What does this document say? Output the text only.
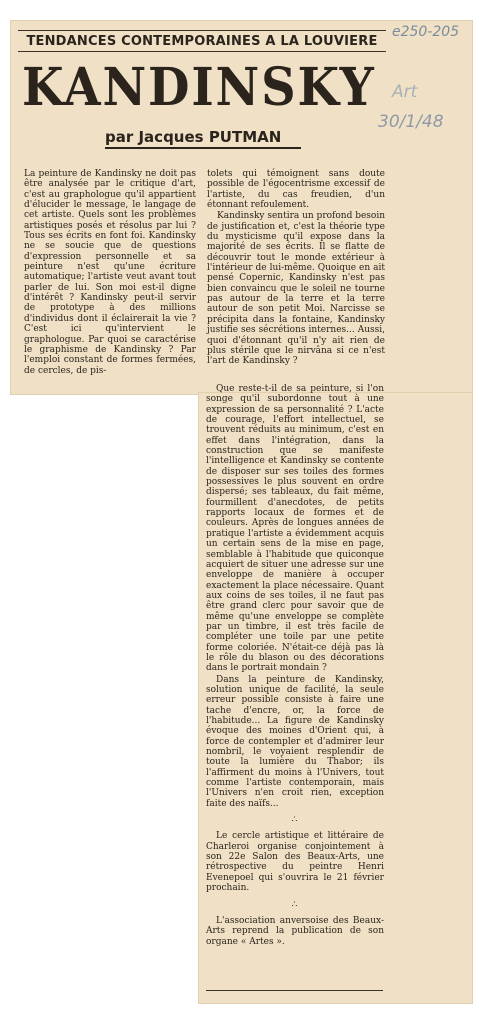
TENDANCES CONTEMPORAINES A LA LOUVIERE
KANDINSKY
par Jacques PUTMAN
e250-205
Art
30/1/48

La peinture de Kandinsky ne doit pas être analysée par le critique d'art, c'est au graphologue qu'il appartient d'élucider le message, le langage de cet artiste. Quels sont les problèmes artistiques posés et résolus par lui ? Tous ses écrits en font foi. Kandinsky ne se soucie que de questions d'expression personnelle et sa peinture n'est qu'une écriture automatique; l'artiste veut avant tout parler de lui. Son moi est-il digne d'intérêt ? Kandinsky peut-il servir de prototype à des millions d'individus dont il éclairerait la vie ? C'est ici qu'intervient le graphologue. Par quoi se caractérise le graphisme de Kandinsky ? Par l'emploi constant de formes fermées, de cercles, de pis-

tolets qui témoignent sans doute possible de l'égocentrisme excessif de l'artiste, du cas freudien, d'un étonnant refoulement.

Kandinsky sentira un profond besoin de justification et, c'est la théorie type du mysticisme qu'il expose dans la majorité de ses écrits. Il se flatte de découvrir tout le monde extérieur à l'intérieur de lui-même. Quoique en ait pensé Copernic, Kandinsky n'est pas bien convaincu que le soleil ne tourne pas autour de la terre et la terre autour de son petit Moi. Narcisse se précipita dans la fontaine, Kandinsky justifie ses sécrétions internes... Aussi, quoi d'étonnant qu'il n'y ait rien de plus stérile que le nirvâna si ce n'est l'art de Kandinsky ?

Que reste-t-il de sa peinture, si l'on songe qu'il subordonne tout à une expression de sa personnalité ? L'acte de courage, l'effort intellectuel, se trouvent réduits au minimum, c'est en effet dans l'intégration, dans la construction que se manifeste l'intelligence et Kandinsky se contente de disposer sur ses toiles des formes possessives le plus souvent en ordre dispersé; ses tableaux, du fait même, fourmillent d'anecdotes, de petits rapports locaux de formes et de couleurs. Après de longues années de pratique l'artiste a évidemment acquis un certain sens de la mise en page, semblable à l'habitude que quiconque acquiert de situer une adresse sur une enveloppe de manière à occuper exactement la place nécessaire. Quant aux coins de ses toiles, il ne faut pas être grand clerc pour savoir que de même qu'une enveloppe se complète par un timbre, il est très facile de compléter une toile par une petite forme coloriée. N'était-ce déjà pas là le rôle du blason ou des décorations dans le portrait mondain ?

Dans la peinture de Kandinsky, solution unique de facilité, la seule erreur possible consiste à faire une tache d'encre, or, la force de l'habitude... La figure de Kandinsky évoque des moines d'Orient qui, à force de contempler et d'admirer leur nombril, le voyaient resplendir de toute la lumière du Thabor; ils l'affirment du moins à l'Univers, tout comme l'artiste contemporain, mais l'Univers n'en croit rien, exception faite des naïfs...

∴

Le cercle artistique et littéraire de Charleroi organise conjointement à son 22e Salon des Beaux-Arts, une rétrospective du peintre Henri Evenepoel qui s'ouvrira le 21 février prochain.

∴

L'association anversoise des Beaux-Arts reprend la publication de son organe « Artes ».
